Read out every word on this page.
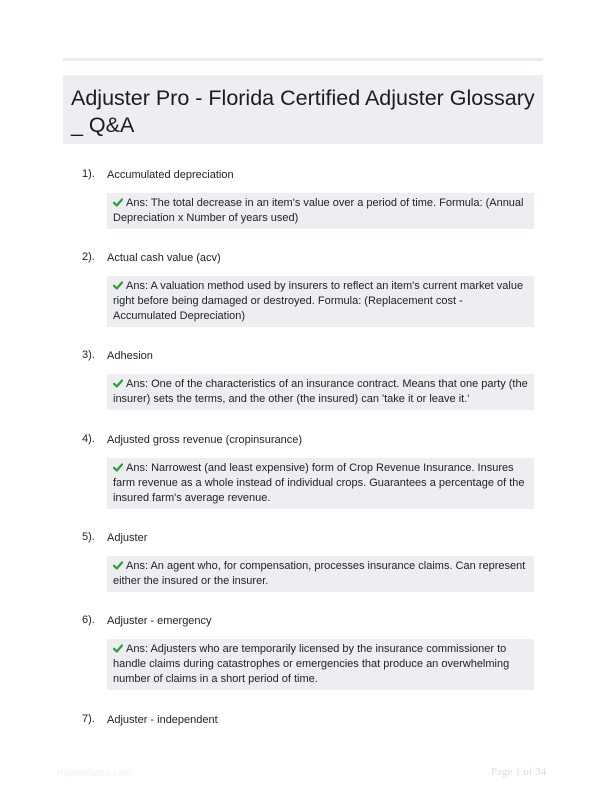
Adjuster Pro - Florida Certified Adjuster Glossary _ Q&A
1). Accumulated depreciation
Ans: The total decrease in an item's value over a period of time. Formula: (Annual Depreciation x Number of years used)
2). Actual cash value (acv)
Ans: A valuation method used by insurers to reflect an item's current market value right before being damaged or destroyed. Formula: (Replacement cost - Accumulated Depreciation)
3). Adhesion
Ans: One of the characteristics of an insurance contract. Means that one party (the insurer) sets the terms, and the other (the insured) can 'take it or leave it.'
4). Adjusted gross revenue (cropinsurance)
Ans: Narrowest (and least expensive) form of Crop Revenue Insurance. Insures farm revenue as a whole instead of individual crops. Guarantees a percentage of the insured farm's average revenue.
5). Adjuster
Ans: An agent who, for compensation, processes insurance claims. Can represent either the insured or the insurer.
6). Adjuster - emergency
Ans: Adjusters who are temporarily licensed by the insurance commissioner to handle claims during catastrophes or emergencies that produce an overwhelming number of claims in a short period of time.
7). Adjuster - independent
Papersbase.com	Page 1 of 34
